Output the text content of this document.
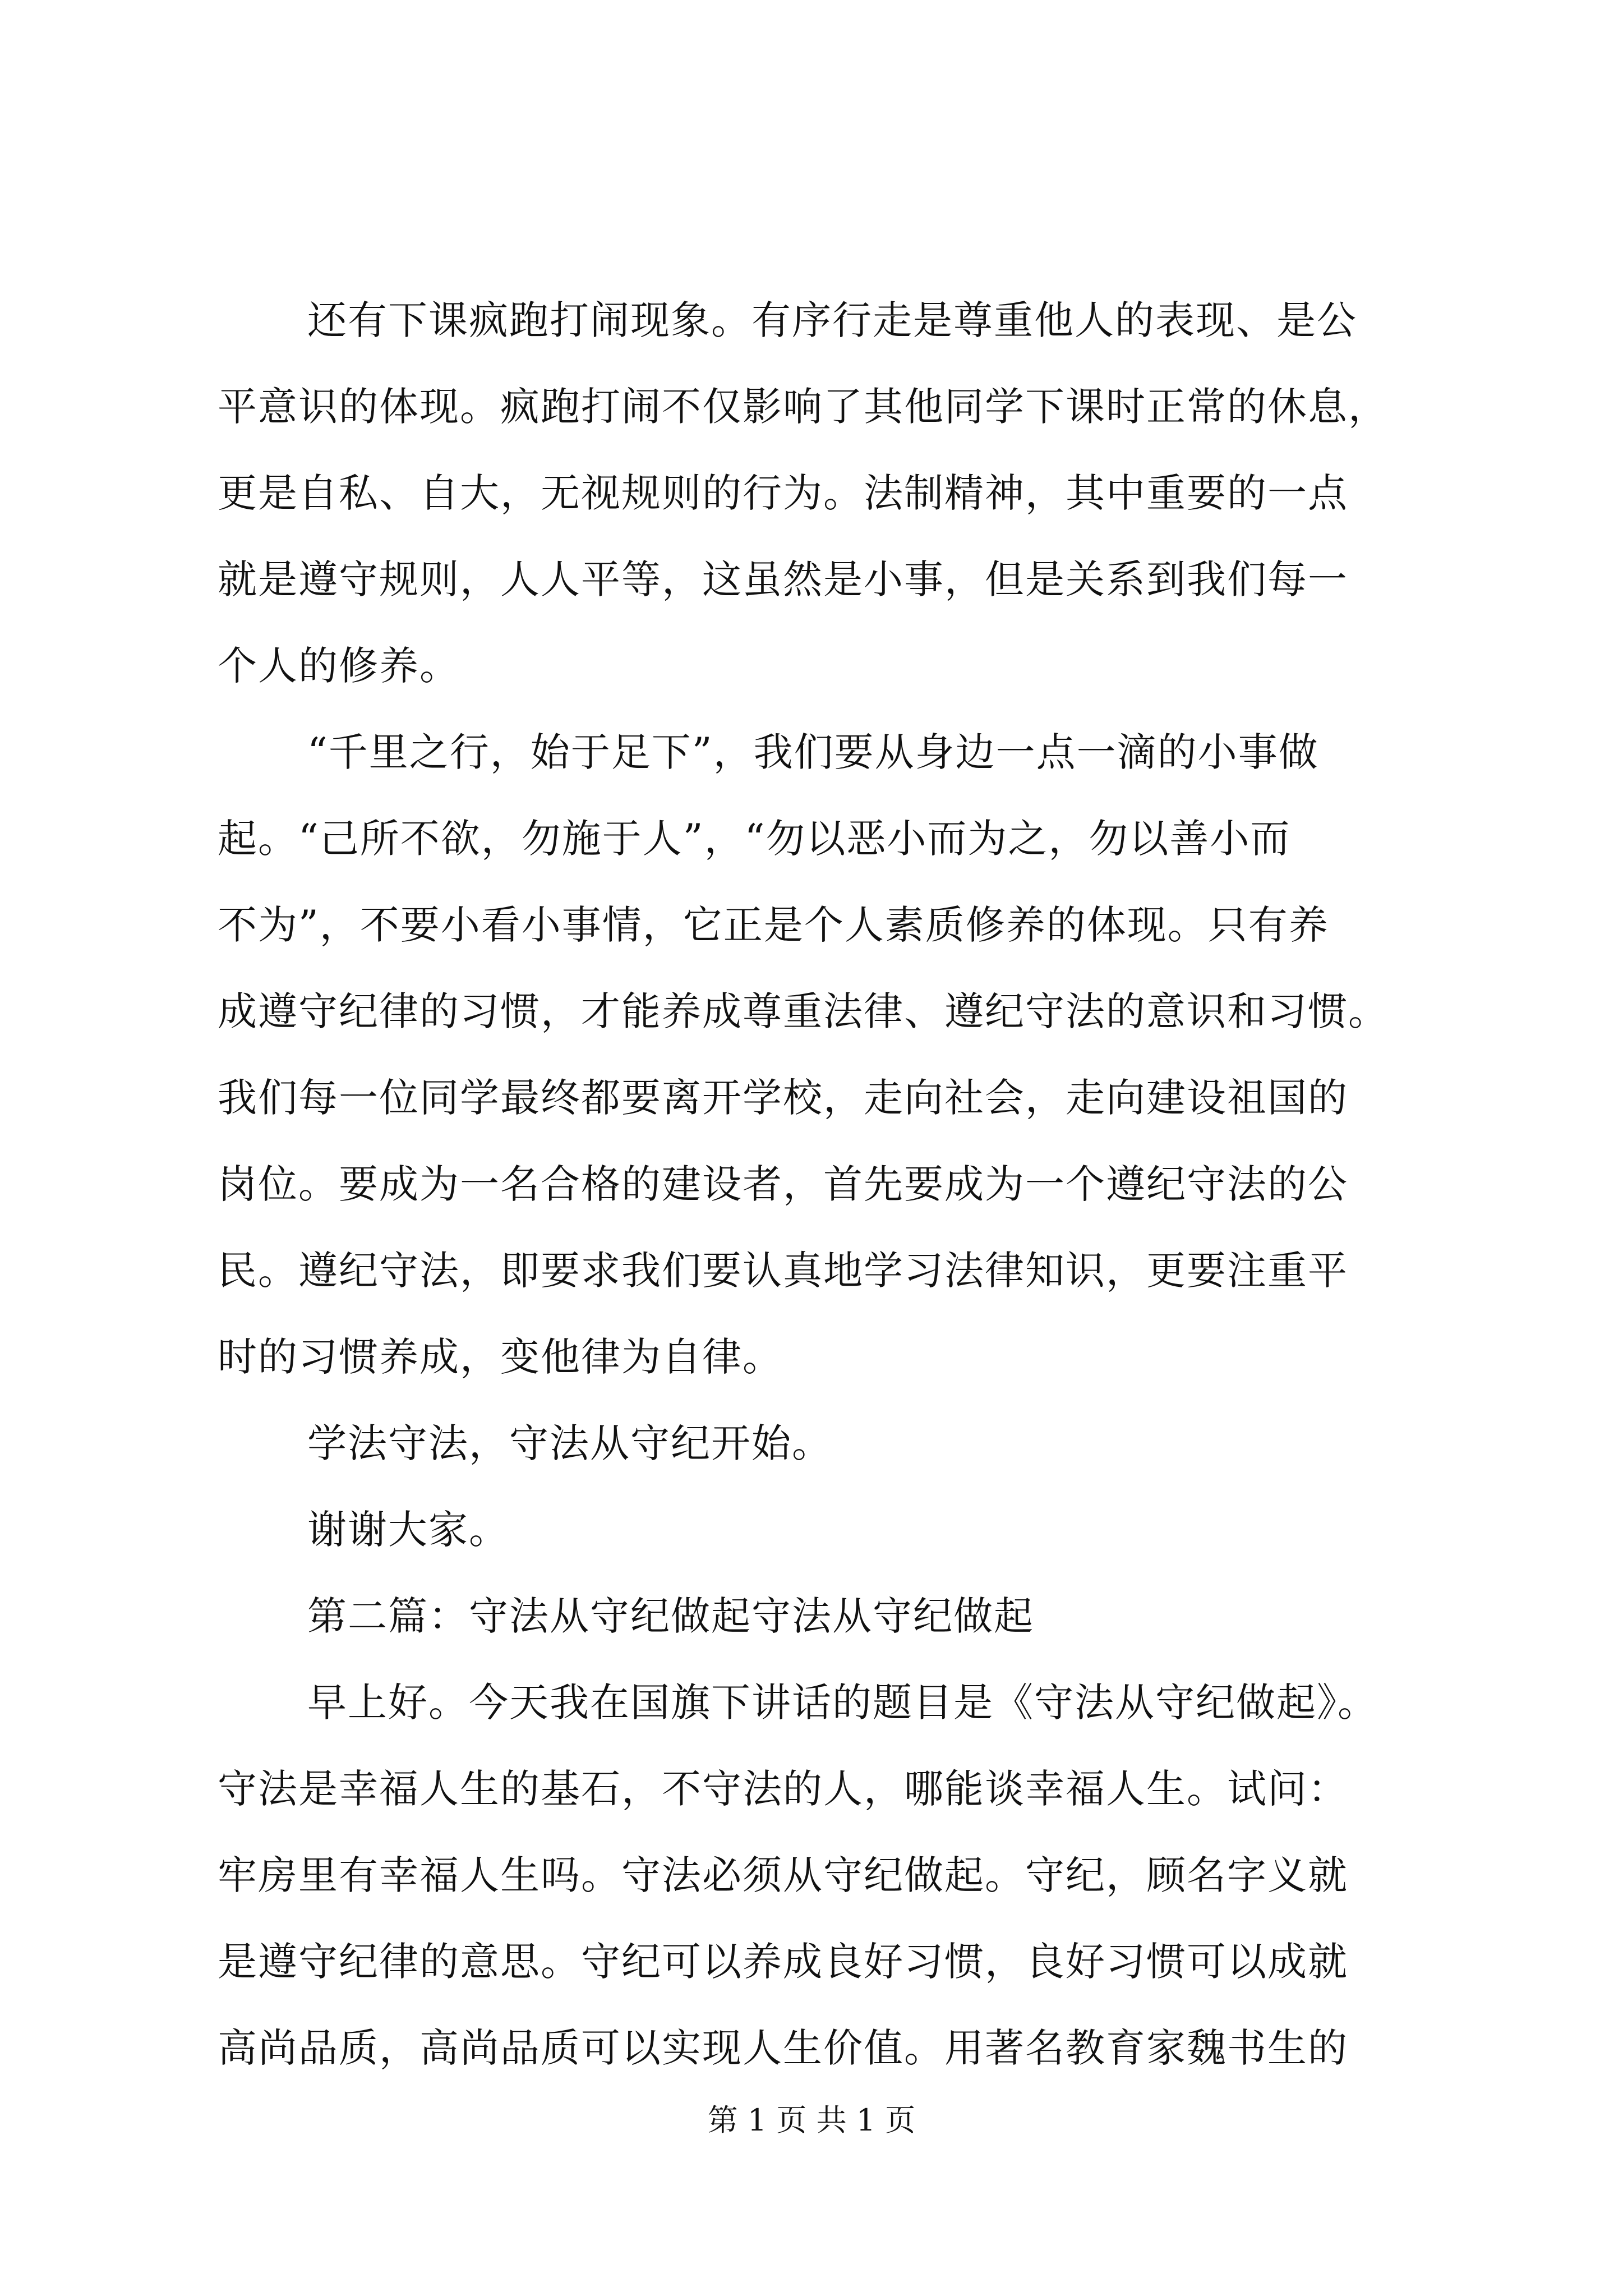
还有下课疯跑打闹现象。有序行走是尊重他人的表现、是公
平意识的体现。疯跑打闹不仅影响了其他同学下课时正常的休息，
更是自私、自大，无视规则的行为。法制精神，其中重要的一点
就是遵守规则，人人平等，这虽然是小事，但是关系到我们每一
个人的修养。
“千里之行，始于足下”，我们要从身边一点一滴的小事做
起。“己所不欲，勿施于人”，“勿以恶小而为之，勿以善小而
不为”，不要小看小事情，它正是个人素质修养的体现。只有养
成遵守纪律的习惯，才能养成尊重法律、遵纪守法的意识和习惯。
我们每一位同学最终都要离开学校，走向社会，走向建设祖国的
岗位。要成为一名合格的建设者，首先要成为一个遵纪守法的公
民。遵纪守法，即要求我们要认真地学习法律知识，更要注重平
时的习惯养成，变他律为自律。
学法守法，守法从守纪开始。
谢谢大家。
第二篇：守法从守纪做起守法从守纪做起
早上好。今天我在国旗下讲话的题目是《守法从守纪做起》。
守法是幸福人生的基石，不守法的人，哪能谈幸福人生。试问：
牢房里有幸福人生吗。守法必须从守纪做起。守纪，顾名字义就
是遵守纪律的意思。守纪可以养成良好习惯，良好习惯可以成就
高尚品质，高尚品质可以实现人生价值。用著名教育家魏书生的
第 1 页 共 1 页
